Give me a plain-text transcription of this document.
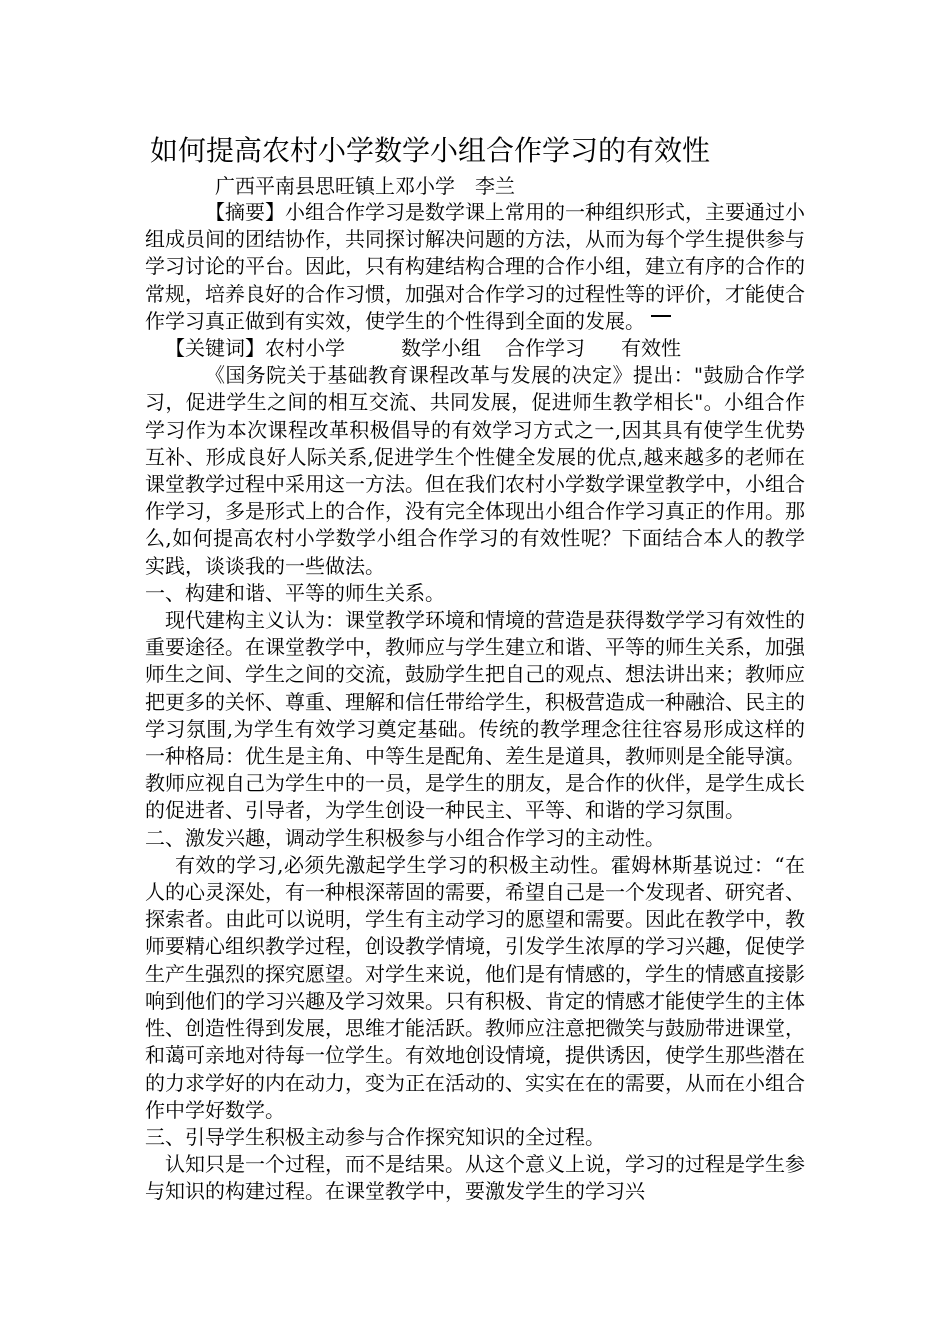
如何提高农村小学数学小组合作学习的有效性
广西平南县思旺镇上邓小学　李兰

【摘要】小组合作学习是数学课上常用的一种组织形式，主要通过小组成员间的团结协作，共同探讨解决问题的方法，从而为每个学生提供参与学习讨论的平台。因此，只有构建结构合理的合作小组，建立有序的合作的常规，培养良好的合作习惯，加强对合作学习的过程性等的评价，才能使合作学习真正做到有实效，使学生的个性得到全面的发展。

【关键词】农村小学	数学小组 合作学习 有效性

《国务院关于基础教育课程改革与发展的决定》提出："鼓励合作学习，促进学生之间的相互交流、共同发展，促进师生教学相长"。小组合作学习作为本次课程改革积极倡导的有效学习方式之一,因其具有使学生优势互补、形成良好人际关系,促进学生个性健全发展的优点,越来越多的老师在课堂教学过程中采用这一方法。但在我们农村小学数学课堂教学中，小组合作学习，多是形式上的合作，没有完全体现出小组合作学习真正的作用。那么,如何提高农村小学数学小组合作学习的有效性呢？下面结合本人的教学实践，谈谈我的一些做法。

一、构建和谐、平等的师生关系。

现代建构主义认为：课堂教学环境和情境的营造是获得数学学习有效性的重要途径。在课堂教学中，教师应与学生建立和谐、平等的师生关系，加强师生之间、学生之间的交流，鼓励学生把自己的观点、想法讲出来；教师应把更多的关怀、尊重、理解和信任带给学生，积极营造成一种融洽、民主的学习氛围,为学生有效学习奠定基础。传统的教学理念往往容易形成这样的一种格局：优生是主角、中等生是配角、差生是道具，教师则是全能导演。教师应视自己为学生中的一员，是学生的朋友，是合作的伙伴，是学生成长的促进者、引导者，为学生创设一种民主、平等、和谐的学习氛围。

二、激发兴趣，调动学生积极参与小组合作学习的主动性。

有效的学习,必须先激起学生学习的积极主动性。霍姆林斯基说过：“在人的心灵深处，有一种根深蒂固的需要，希望自己是一个发现者、研究者、探索者。由此可以说明，学生有主动学习的愿望和需要。因此在教学中，教师要精心组织教学过程，创设教学情境，引发学生浓厚的学习兴趣，促使学生产生强烈的探究愿望。对学生来说，他们是有情感的，学生的情感直接影响到他们的学习兴趣及学习效果。只有积极、肯定的情感才能使学生的主体性、创造性得到发展，思维才能活跃。教师应注意把微笑与鼓励带进课堂，和蔼可亲地对待每一位学生。有效地创设情境，提供诱因，使学生那些潜在的力求学好的内在动力，变为正在活动的、实实在在的需要，从而在小组合作中学好数学。

三、引导学生积极主动参与合作探究知识的全过程。

认知只是一个过程，而不是结果。从这个意义上说，学习的过程是学生参与知识的构建过程。在课堂教学中，要激发学生的学习兴
